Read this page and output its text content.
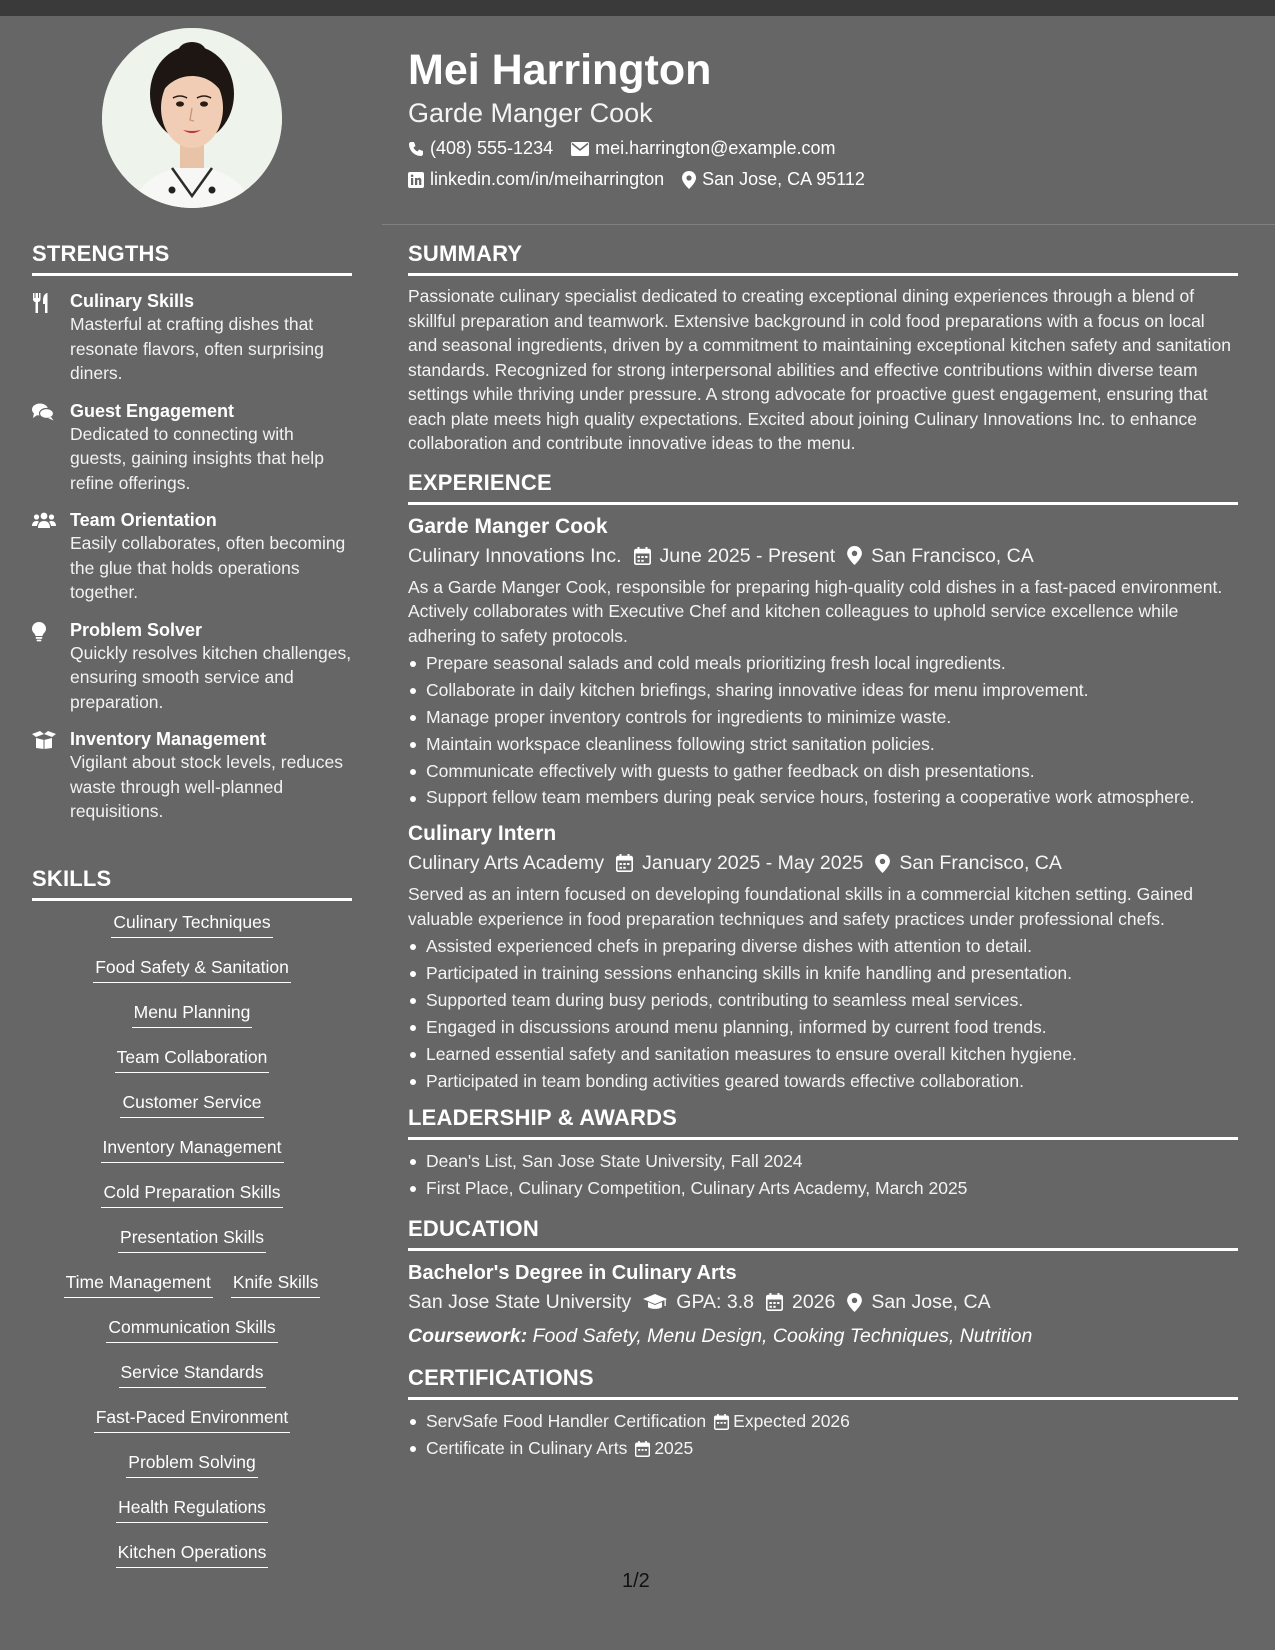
Mei Harrington
Garde Manger Cook
(408) 555-1234 mei.harrington@example.com
linkedin.com/in/meiharrington San Jose, CA 95112
STRENGTHS
Culinary Skills
Masterful at crafting dishes that resonate flavors, often surprising diners.
Guest Engagement
Dedicated to connecting with guests, gaining insights that help refine offerings.
Team Orientation
Easily collaborates, often becoming the glue that holds operations together.
Problem Solver
Quickly resolves kitchen challenges, ensuring smooth service and preparation.
Inventory Management
Vigilant about stock levels, reduces waste through well-planned requisitions.
SKILLS
Culinary Techniques
Food Safety & Sanitation
Menu Planning
Team Collaboration
Customer Service
Inventory Management
Cold Preparation Skills
Presentation Skills
Time Management Knife Skills
Communication Skills
Service Standards
Fast-Paced Environment
Problem Solving
Health Regulations
Kitchen Operations
SUMMARY
Passionate culinary specialist dedicated to creating exceptional dining experiences through a blend of skillful preparation and teamwork. Extensive background in cold food preparations with a focus on local and seasonal ingredients, driven by a commitment to maintaining exceptional kitchen safety and sanitation standards. Recognized for strong interpersonal abilities and effective contributions within diverse team settings while thriving under pressure. A strong advocate for proactive guest engagement, ensuring that each plate meets high quality expectations. Excited about joining Culinary Innovations Inc. to enhance collaboration and contribute innovative ideas to the menu.
EXPERIENCE
Garde Manger Cook
Culinary Innovations Inc. June 2025 - Present San Francisco, CA
As a Garde Manger Cook, responsible for preparing high-quality cold dishes in a fast-paced environment. Actively collaborates with Executive Chef and kitchen colleagues to uphold service excellence while adhering to safety protocols.
Prepare seasonal salads and cold meals prioritizing fresh local ingredients.
Collaborate in daily kitchen briefings, sharing innovative ideas for menu improvement.
Manage proper inventory controls for ingredients to minimize waste.
Maintain workspace cleanliness following strict sanitation policies.
Communicate effectively with guests to gather feedback on dish presentations.
Support fellow team members during peak service hours, fostering a cooperative work atmosphere.
Culinary Intern
Culinary Arts Academy January 2025 - May 2025 San Francisco, CA
Served as an intern focused on developing foundational skills in a commercial kitchen setting. Gained valuable experience in food preparation techniques and safety practices under professional chefs.
Assisted experienced chefs in preparing diverse dishes with attention to detail.
Participated in training sessions enhancing skills in knife handling and presentation.
Supported team during busy periods, contributing to seamless meal services.
Engaged in discussions around menu planning, informed by current food trends.
Learned essential safety and sanitation measures to ensure overall kitchen hygiene.
Participated in team bonding activities geared towards effective collaboration.
LEADERSHIP & AWARDS
Dean's List, San Jose State University, Fall 2024
First Place, Culinary Competition, Culinary Arts Academy, March 2025
EDUCATION
Bachelor's Degree in Culinary Arts
San Jose State University GPA: 3.8 2026 San Jose, CA
Coursework: Food Safety, Menu Design, Cooking Techniques, Nutrition
CERTIFICATIONS
ServSafe Food Handler Certification Expected 2026
Certificate in Culinary Arts 2025
1/2
